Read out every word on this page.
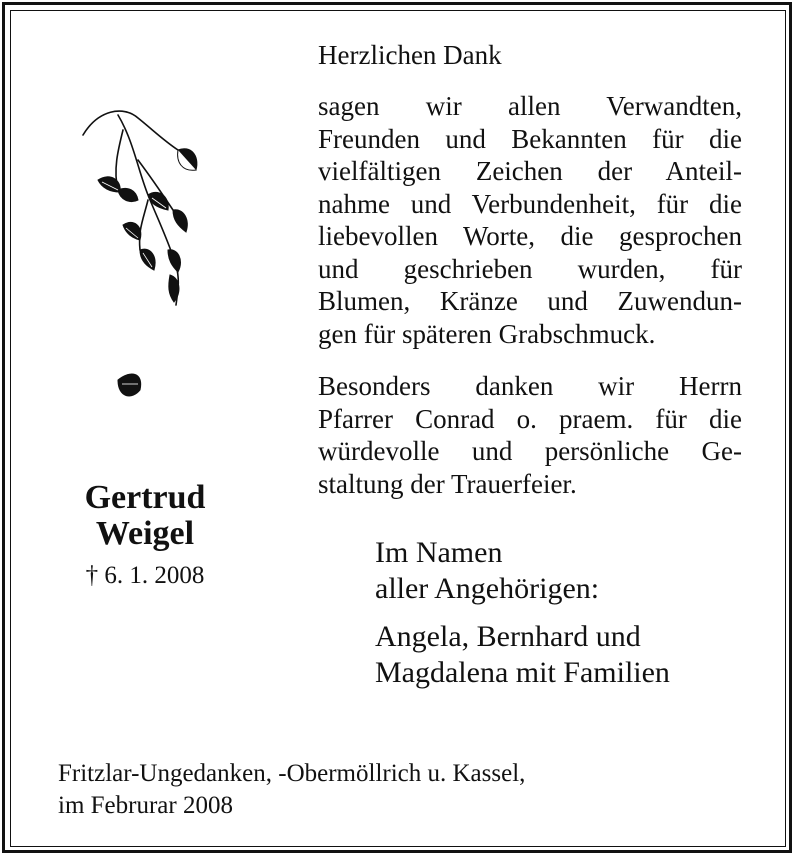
Herzlichen Dank
sagen wir allen Verwandten,
Freunden und Bekannten für die
vielfältigen Zeichen der Anteil-
nahme und Verbundenheit, für die
liebevollen Worte, die gesprochen
und geschrieben wurden, für
Blumen, Kränze und Zuwendun-
gen für späteren Grabschmuck.
Besonders danken wir Herrn
Pfarrer Conrad o. praem. für die
würdevolle und persönliche Ge-
staltung der Trauerfeier.

Gertrud

Weigel

† 6. 1. 2008
Im Namen
aller Angehörigen:
Angela, Bernhard und
Magdalena mit Familien
Fritzlar-Ungedanken, -Obermöllrich u. Kassel,
im Februrar 2008
